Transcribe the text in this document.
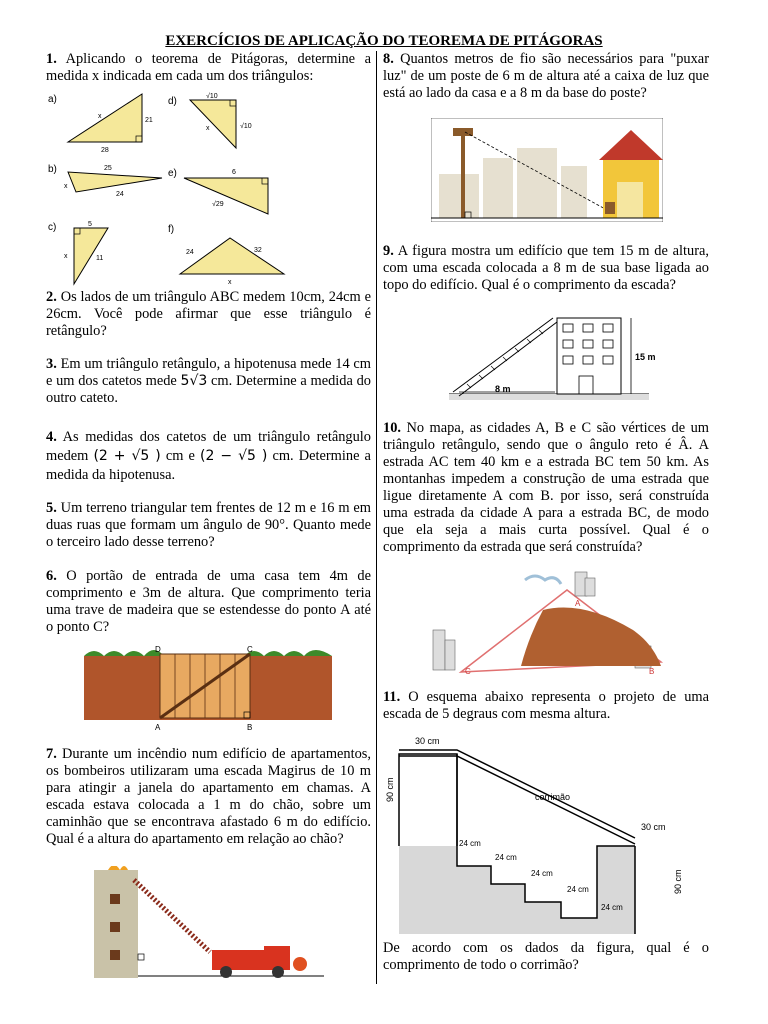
EXERCÍCIOS DE APLICAÇÃO DO TEOREMA DE PITÁGORAS

1. Aplicando o teorema de Pitágoras, determine a medida x indicada em cada um dos triângulos:

a)
x
21
28
d)	√10
x	√10
b)	25
x
24
e)	6
√29
c)	5
x	11
f)
24	32
x

2. Os lados de um triângulo ABC medem 10cm, 24cm e 26cm. Você pode afirmar que esse triângulo é retângulo?

3. Em um triângulo retângulo, a hipotenusa mede 14 cm e um dos catetos mede 5√3 cm. Determine a medida do outro cateto.

4. As medidas dos catetos de um triângulo retângulo medem (2 + √5 ) cm e (2 − √5 ) cm. Determine a medida da hipotenusa.

5. Um terreno triangular tem frentes de 12 m e 16 m em duas ruas que formam um ângulo de 90°. Quanto mede o terceiro lado desse terreno?

6. O portão de entrada de uma casa tem 4m de comprimento e 3m de altura. Que comprimento teria uma trave de madeira que se estendesse do ponto A até o ponto C?

D	C
A	B

7. Durante um incêndio num edifício de apartamentos, os bombeiros utilizaram uma escada Magirus de 10 m para atingir a janela do apartamento em chamas. A escada estava colocada a 1 m do chão, sobre um caminhão que se encontrava afastado 6 m do edifício. Qual é a altura do apartamento em relação ao chão?

8. Quantos metros de fio são necessários para "puxar luz" de um poste de 6 m de altura até a caixa de luz que está ao lado da casa e a 8 m da base do poste?

9. A figura mostra um edifício que tem 15 m de altura, com uma escada colocada a 8 m de sua base ligada ao topo do edifício. Qual é o comprimento da escada?

15 m
8 m

10. No mapa, as cidades A, B e C são vértices de um triângulo retângulo, sendo que o ângulo reto é Â. A estrada AC tem 40 km e a estrada BC tem 50 km. As montanhas impedem a construção de uma estrada que ligue diretamente A com B. por isso, será construída uma estrada da cidade A para a estrada BC, de modo que ela seja a mais curta possível. Qual é o comprimento da estrada que será construída?

A
C	B

11. O esquema abaixo representa o projeto de uma escada de 5 degraus com mesma altura.

30 cm
30 cm
90 cm
90 cm
corrimão
24 cm
24 cm
24 cm
24 cm
24 cm

De acordo com os dados da figura, qual é o comprimento de todo o corrimão?
